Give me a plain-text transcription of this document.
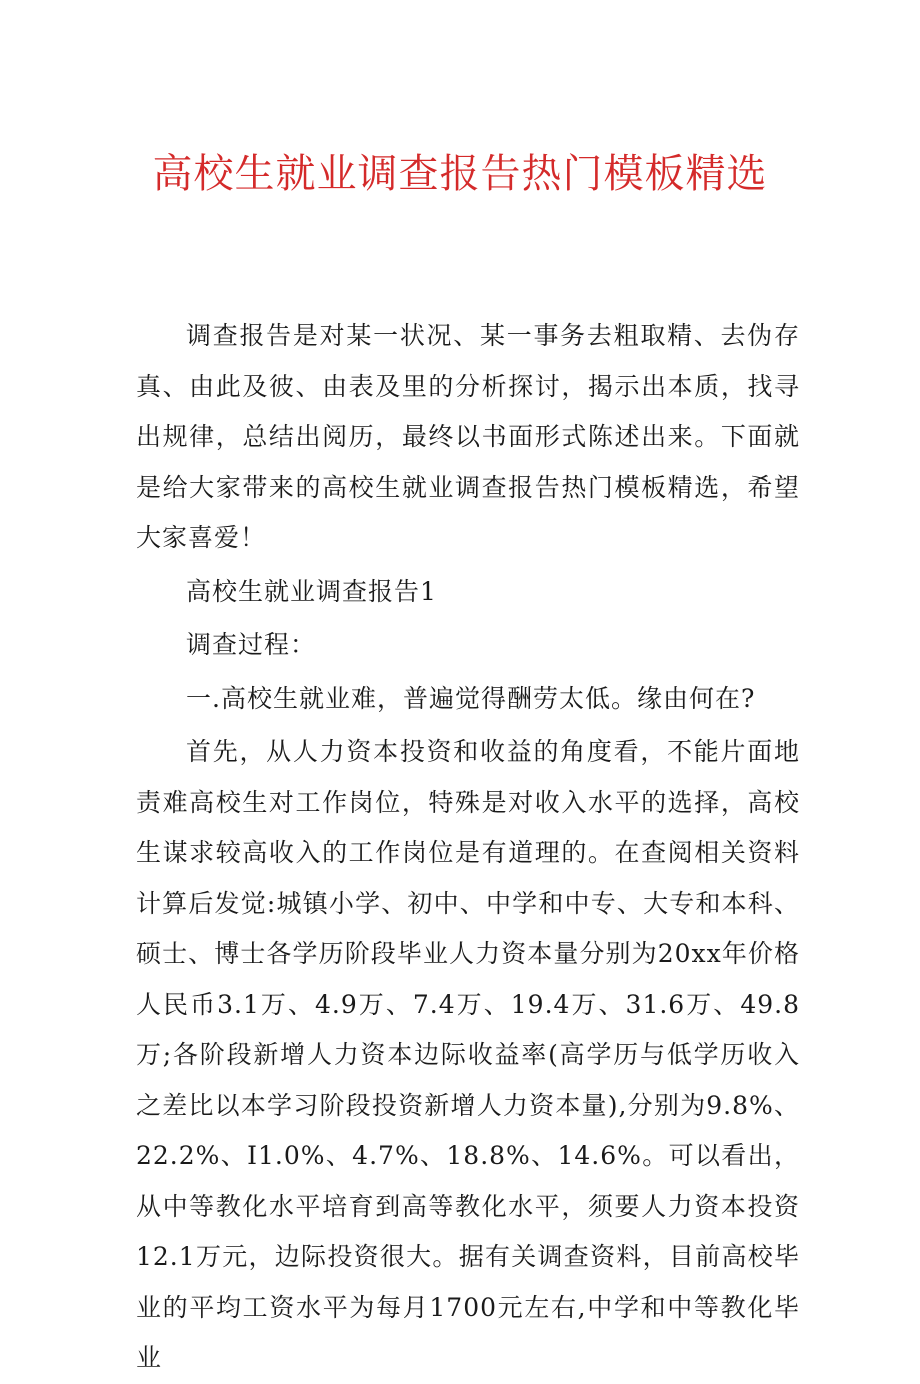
高校生就业调查报告热门模板精选

调查报告是对某一状况、某一事务去粗取精、去伪存真、由此及彼、由表及里的分析探讨，揭示出本质，找寻出规律，总结出阅历，最终以书面形式陈述出来。下面就是给大家带来的高校生就业调查报告热门模板精选，希望大家喜爱！

高校生就业调查报告1

调查过程：

一.高校生就业难，普遍觉得酬劳太低。缘由何在?

首先，从人力资本投资和收益的角度看，不能片面地责难高校生对工作岗位，特殊是对收入水平的选择，高校生谋求较高收入的工作岗位是有道理的。在查阅相关资料计算后发觉:城镇小学、初中、中学和中专、大专和本科、硕士、博士各学历阶段毕业人力资本量分别为20xx年价格人民币3.1万、4.9万、7.4万、19.4万、31.6万、49.8万;各阶段新增人力资本边际收益率(高学历与低学历收入之差比以本学习阶段投资新增人力资本量),分别为9.8%、22.2%、I1.0%、4.7%、18.8%、14.6%。可以看出，从中等教化水平培育到高等教化水平，须要人力资本投资12.1万元，边际投资很大。据有关调查资料，目前高校毕业的平均工资水平为每月1700元左右,中学和中等教化毕业
